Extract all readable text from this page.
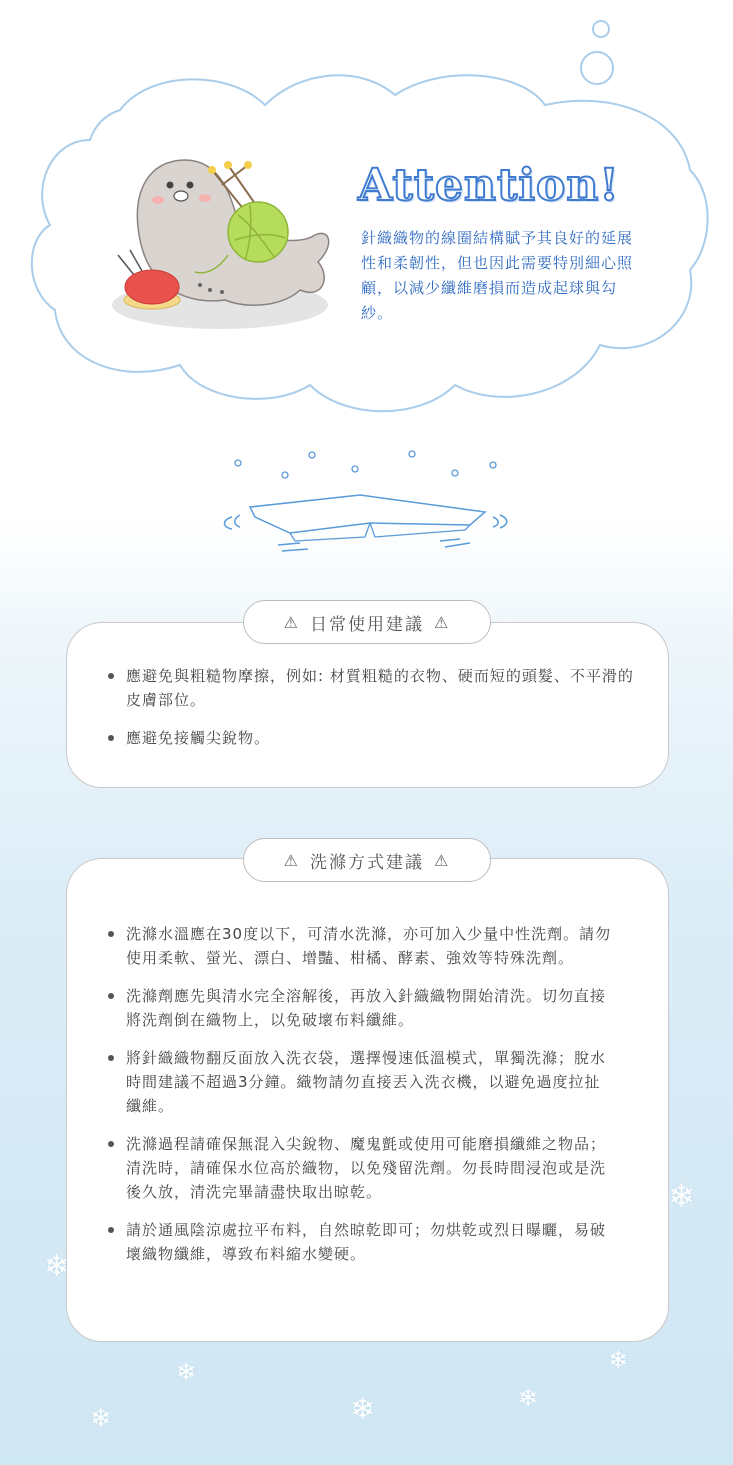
Attention!
針織織物的線圈結構賦予其良好的延展性和柔韌性，但也因此需要特別細心照顧，以減少纖維磨損而造成起球與勾紗。
⚠ 日常使用建議 ⚠
應避免與粗糙物摩擦，例如: 材質粗糙的衣物、硬而短的頭髮、不平滑的皮膚部位。
應避免接觸尖銳物。
⚠ 洗滌方式建議 ⚠
洗滌水溫應在30度以下，可清水洗滌，亦可加入少量中性洗劑。請勿使用柔軟、螢光、漂白、增豔、柑橘、酵素、強效等特殊洗劑。
洗滌劑應先與清水完全溶解後，再放入針織織物開始清洗。切勿直接將洗劑倒在織物上，以免破壞布料纖維。
將針織織物翻反面放入洗衣袋，選擇慢速低溫模式，單獨洗滌；脫水時間建議不超過3分鐘。織物請勿直接丟入洗衣機，以避免過度拉扯纖維。
洗滌過程請確保無混入尖銳物、魔鬼氈或使用可能磨損纖維之物品；清洗時，請確保水位高於織物，以免殘留洗劑。勿長時間浸泡或是洗後久放，清洗完畢請盡快取出晾乾。
請於通風陰涼處拉平布料，自然晾乾即可；勿烘乾或烈日曝曬，易破壞織物纖維，導致布料縮水變硬。
❄
❄
❄
❄
❄
❄
❄
